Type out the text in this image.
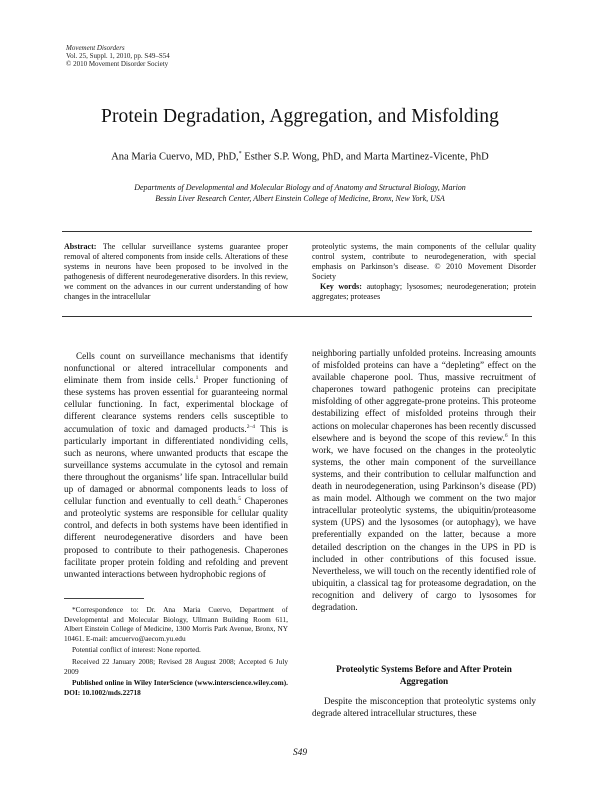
Movement Disorders
Vol. 25, Suppl. 1, 2010, pp. S49–S54
© 2010 Movement Disorder Society
Protein Degradation, Aggregation, and Misfolding
Ana Maria Cuervo, MD, PhD,* Esther S.P. Wong, PhD, and Marta Martinez-Vicente, PhD
Departments of Developmental and Molecular Biology and of Anatomy and Structural Biology, Marion Bessin Liver Research Center, Albert Einstein College of Medicine, Bronx, New York, USA
Abstract: The cellular surveillance systems guarantee proper removal of altered components from inside cells. Alterations of these systems in neurons have been proposed to be involved in the pathogenesis of different neurodegenerative disorders. In this review, we comment on the advances in our current understanding of how changes in the intracellular
proteolytic systems, the main components of the cellular quality control system, contribute to neurodegeneration, with special emphasis on Parkinson’s disease. © 2010 Movement Disorder Society
Key words: autophagy; lysosomes; neurodegeneration; protein aggregates; proteases

Cells count on surveillance mechanisms that identify nonfunctional or altered intracellular components and eliminate them from inside cells.$^1$ Proper functioning of these systems has proven essential for guaranteeing normal cellular functioning. In fact, experimental blockage of different clearance systems renders cells susceptible to accumulation of toxic and damaged products.$^{2-4}$ This is particularly important in differentiated nondividing cells, such as neurons, where unwanted products that escape the surveillance systems accumulate in the cytosol and remain there throughout the organisms’ life span. Intracellular build up of damaged or abnormal components leads to loss of cellular function and eventually to cell death.$^5$ Chaperones and proteolytic systems are responsible for cellular quality control, and defects in both systems have been identified in different neurodegenerative disorders and have been proposed to contribute to their pathogenesis. Chaperones facilitate proper protein folding and refolding and prevent unwanted interactions between hydrophobic regions of

*Correspondence to: Dr. Ana Maria Cuervo, Department of Developmental and Molecular Biology, Ullmann Building Room 611, Albert Einstein College of Medicine, 1300 Morris Park Avenue, Bronx, NY 10461. E-mail: amcuervo@aecom.yu.edu

Potential conflict of interest: None reported.

Received 22 January 2008; Revised 28 August 2008; Accepted 6 July 2009

Published online in Wiley InterScience (www.interscience.wiley.com). DOI: 10.1002/mds.22718

neighboring partially unfolded proteins. Increasing amounts of misfolded proteins can have a “depleting” effect on the available chaperone pool. Thus, massive recruitment of chaperones toward pathogenic proteins can precipitate misfolding of other aggregate-prone proteins. This proteome destabilizing effect of misfolded proteins through their actions on molecular chaperones has been recently discussed elsewhere and is beyond the scope of this review.$^6$ In this work, we have focused on the changes in the proteolytic systems, the other main component of the surveillance systems, and their contribution to cellular malfunction and death in neurodegeneration, using Parkinson’s disease (PD) as main model. Although we comment on the two major intracellular proteolytic systems, the ubiquitin/proteasome system (UPS) and the lysosomes (or autophagy), we have preferentially expanded on the latter, because a more detailed description on the changes in the UPS in PD is included in other contributions of this focused issue. Nevertheless, we will touch on the recently identified role of ubiquitin, a classical tag for proteasome degradation, on the recognition and delivery of cargo to lysosomes for degradation.

Proteolytic Systems Before and After Protein Aggregation

Despite the misconception that proteolytic systems only degrade altered intracellular structures, these

S49
